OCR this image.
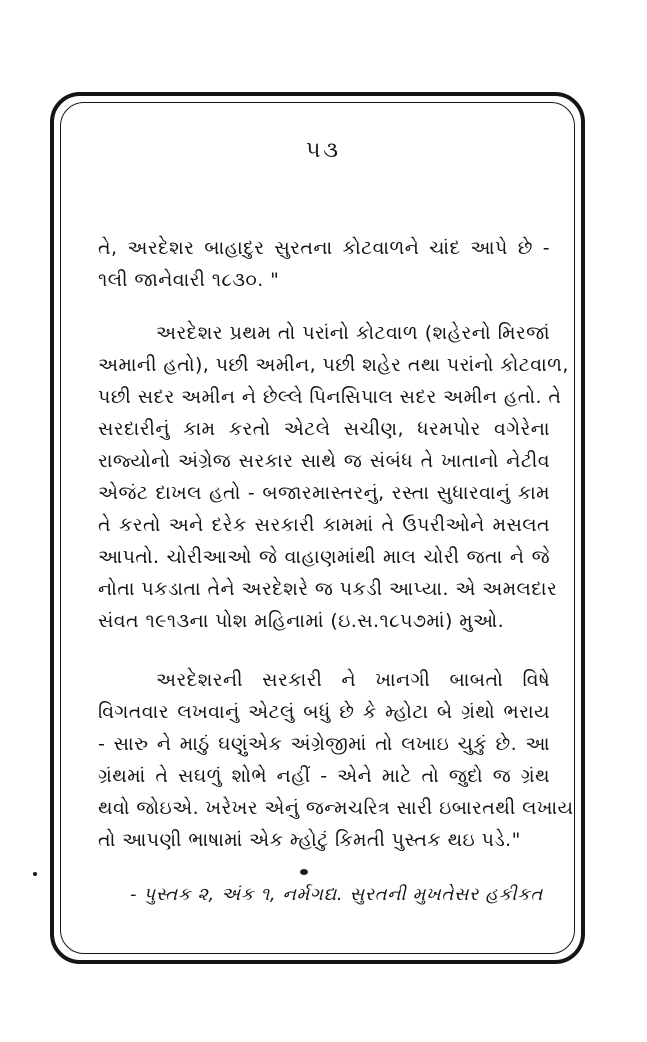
૫૩
તે, અરદેશર બાહાદુર સુરતના કોટવાળને ચાંદ આપે છે -
૧લી જાનેવારી ૧૮૩૦. "
અરદેશર પ્રથમ તો પરાંનો કોટવાળ (શહેરનો મિરજાં
અમાની હતો), પછી અમીન, પછી શહેર તથા પરાંનો કોટવાળ,
પછી સદર અમીન ને છેલ્લે પિનસિપાલ સદર અમીન હતો. તે
સરદારીનું કામ કરતો એટલે સચીણ, ધરમપોર વગેરેના
રાજ્યોનો અંગ્રેજ સરકાર સાથે જ સંબંધ તે ખાતાનો નેટીવ
એજંટ દાખલ હતો - બજારમાસ્તરનું, રસ્તા સુધારવાનું કામ
તે કરતો અને દરેક સરકારી કામમાં તે ઉપરીઓને મસલત
આપતો. ચોરીઆઓ જે વાહાણમાંથી માલ ચોરી જતા ને જે
નોતા પકડાતા તેને અરદેશરે જ પકડી આપ્યા. એ અમલદાર
સંવત ૧૯૧૩ના પોશ મહિનામાં (ઇ.સ.૧૮૫૭માં) મુઓ.
અરદેશરની સરકારી ને ખાનગી બાબતો વિષે
વિગતવાર લખવાનું એટલું બધું છે કે મ્હોટા બે ગ્રંથો ભરાય
- સારુ ને માઠું ઘણુંએક અંગ્રેજીમાં તો લખાઇ ચુકું છે. આ
ગ્રંથમાં તે સઘળું શોભે નહીં - એને માટે તો જુદો જ ગ્રંથ
થવો જોઇએ. ખરેખર એનું જન્મચરિત્ર સારી ઇબારતથી લખાય
તો આપણી ભાષામાં એક મ્હોટું કિમતી પુસ્તક થઇ પડે."
- પુસ્તક ૨, અંક ૧, નર્મગદ્ય. સુરતની મુખતેસર હકીકત
